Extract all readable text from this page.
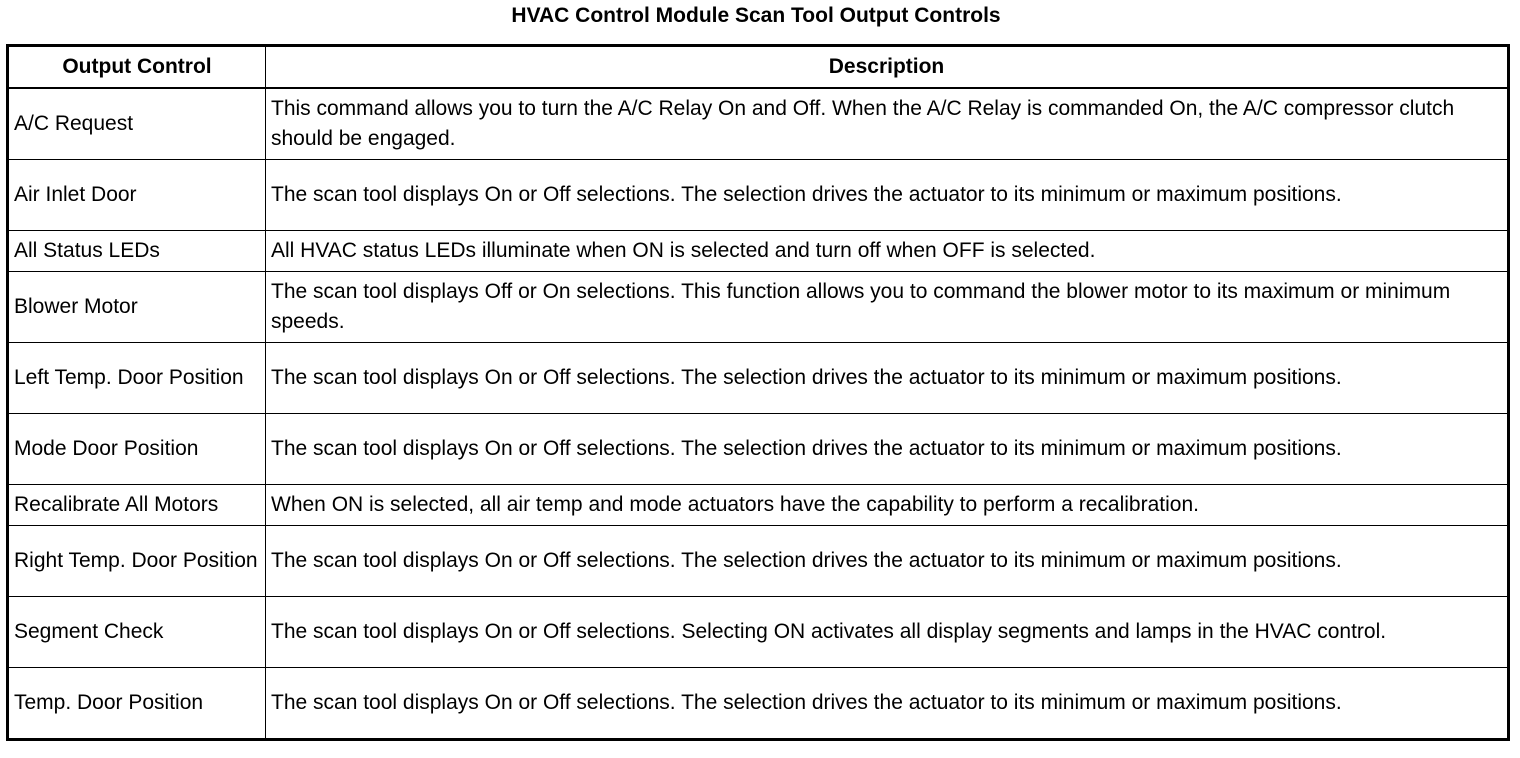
HVAC Control Module Scan Tool Output Controls
Output Control	Description
A/C Request	This command allows you to turn the A/C Relay On and Off. When the A/C Relay is commanded On, the A/C compressor clutch should be engaged.
Air Inlet Door	The scan tool displays On or Off selections. The selection drives the actuator to its minimum or maximum positions.
All Status LEDs	All HVAC status LEDs illuminate when ON is selected and turn off when OFF is selected.
Blower Motor	The scan tool displays Off or On selections. This function allows you to command the blower motor to its maximum or minimum speeds.
Left Temp. Door Position	The scan tool displays On or Off selections. The selection drives the actuator to its minimum or maximum positions.
Mode Door Position	The scan tool displays On or Off selections. The selection drives the actuator to its minimum or maximum positions.
Recalibrate All Motors	When ON is selected, all air temp and mode actuators have the capability to perform a recalibration.
Right Temp. Door Position	The scan tool displays On or Off selections. The selection drives the actuator to its minimum or maximum positions.
Segment Check	The scan tool displays On or Off selections. Selecting ON activates all display segments and lamps in the HVAC control.
Temp. Door Position	The scan tool displays On or Off selections. The selection drives the actuator to its minimum or maximum positions.
